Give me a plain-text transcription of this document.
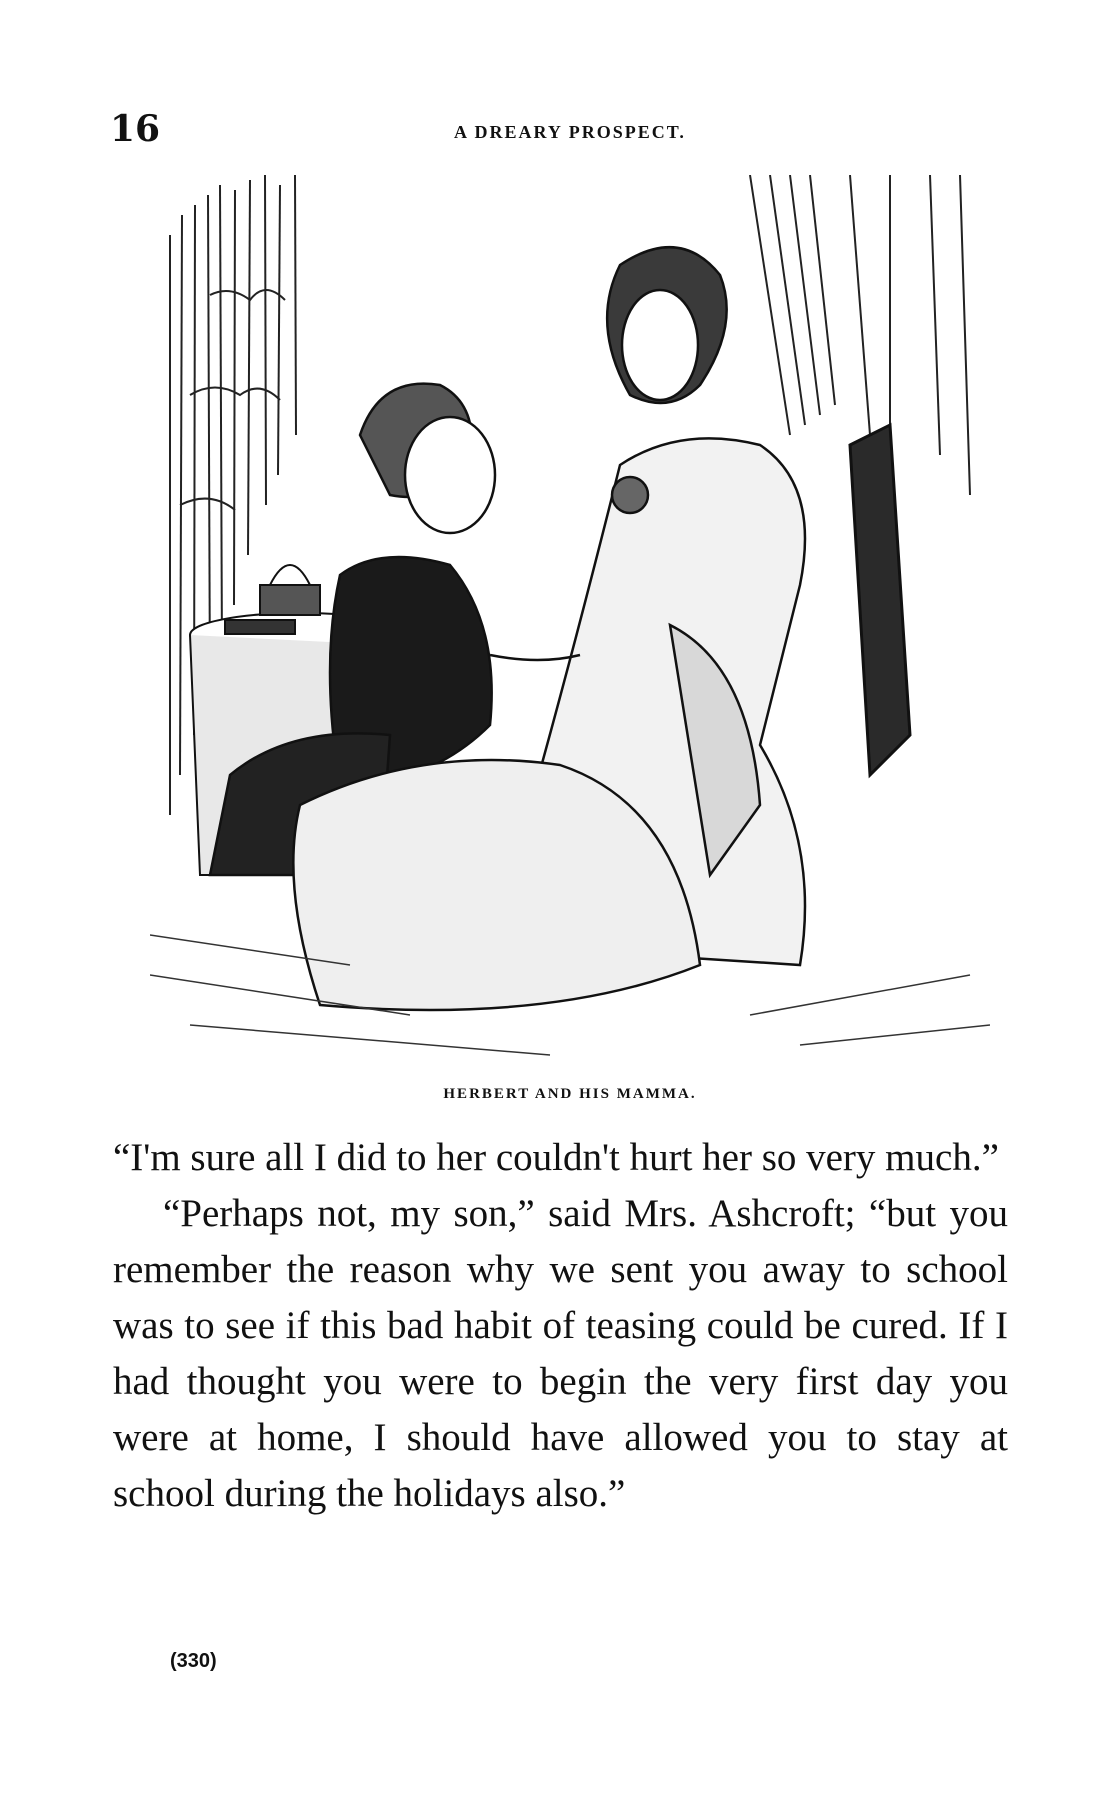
16	A DREARY PROSPECT.
HERBERT AND HIS MAMMA.

“I'm sure all I did to her couldn't hurt her so very much.”

“Perhaps not, my son,” said Mrs. Ashcroft; “but you remember the reason why we sent you away to school was to see if this bad habit of teasing could be cured. If I had thought you were to begin the very first day you were at home, I should have allowed you to stay at school during the holidays also.”

(330)
